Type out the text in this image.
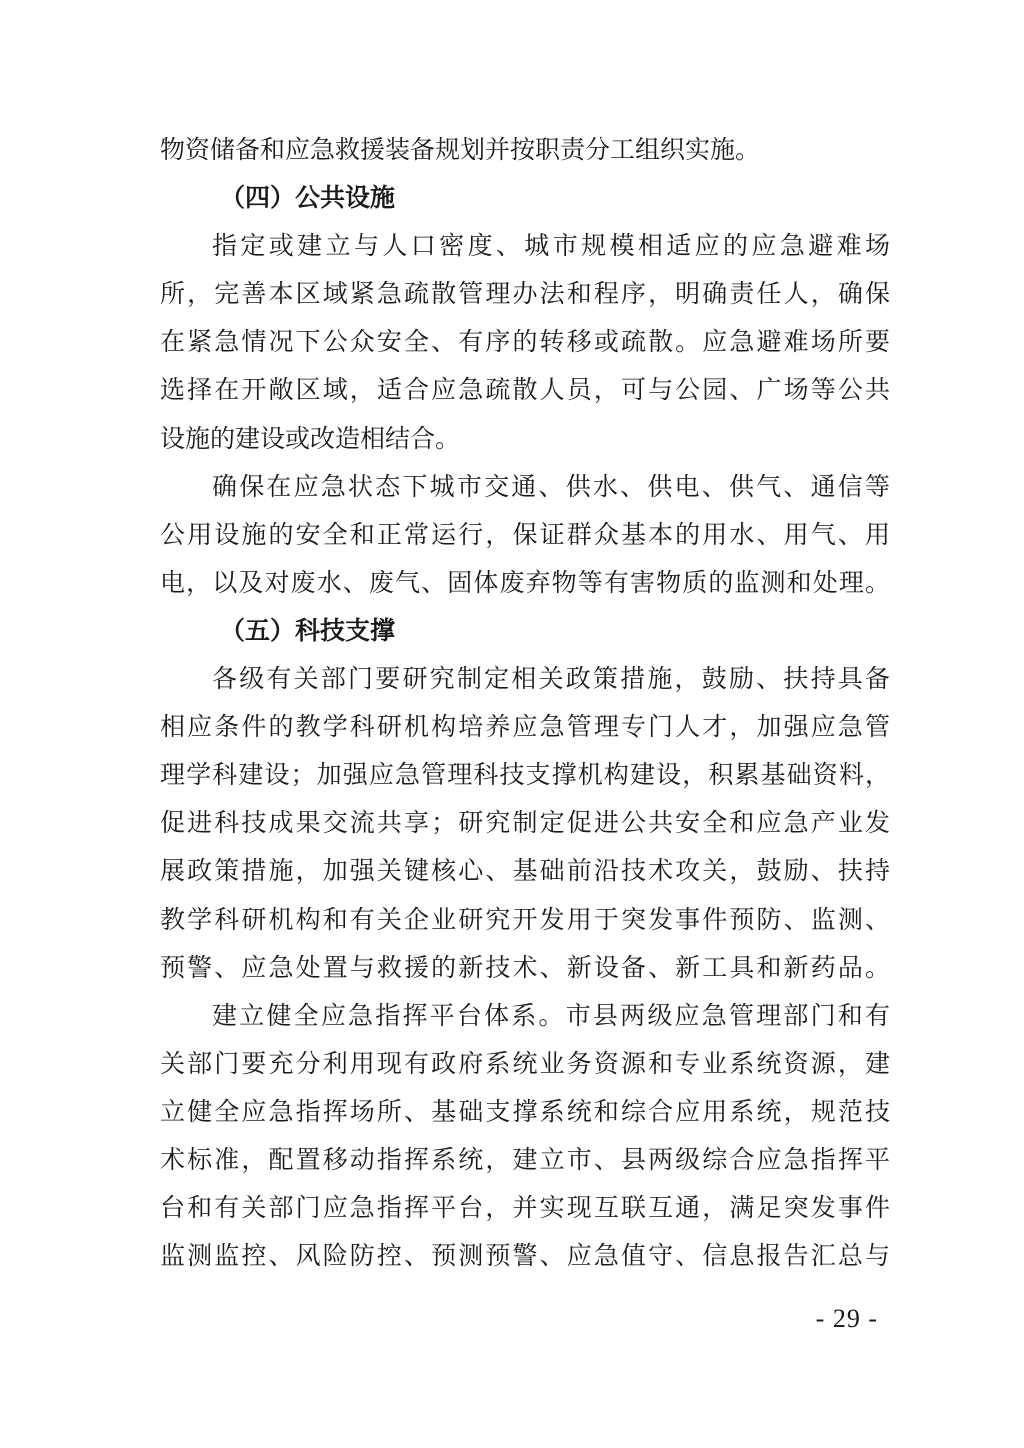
物资储备和应急救援装备规划并按职责分工组织实施。
（四）公共设施
指定或建立与人口密度、城市规模相适应的应急避难场
所，完善本区域紧急疏散管理办法和程序，明确责任人，确保
在紧急情况下公众安全、有序的转移或疏散。应急避难场所要
选择在开敞区域，适合应急疏散人员，可与公园、广场等公共
设施的建设或改造相结合。
确保在应急状态下城市交通、供水、供电、供气、通信等
公用设施的安全和正常运行，保证群众基本的用水、用气、用
电，以及对废水、废气、固体废弃物等有害物质的监测和处理。
（五）科技支撑
各级有关部门要研究制定相关政策措施，鼓励、扶持具备
相应条件的教学科研机构培养应急管理专门人才，加强应急管
理学科建设；加强应急管理科技支撑机构建设，积累基础资料，
促进科技成果交流共享；研究制定促进公共安全和应急产业发
展政策措施，加强关键核心、基础前沿技术攻关，鼓励、扶持
教学科研机构和有关企业研究开发用于突发事件预防、监测、
预警、应急处置与救援的新技术、新设备、新工具和新药品。
建立健全应急指挥平台体系。市县两级应急管理部门和有
关部门要充分利用现有政府系统业务资源和专业系统资源，建
立健全应急指挥场所、基础支撑系统和综合应用系统，规范技
术标准，配置移动指挥系统，建立市、县两级综合应急指挥平
台和有关部门应急指挥平台，并实现互联互通，满足突发事件
监测监控、风险防控、预测预警、应急值守、信息报告汇总与
- 29 -
